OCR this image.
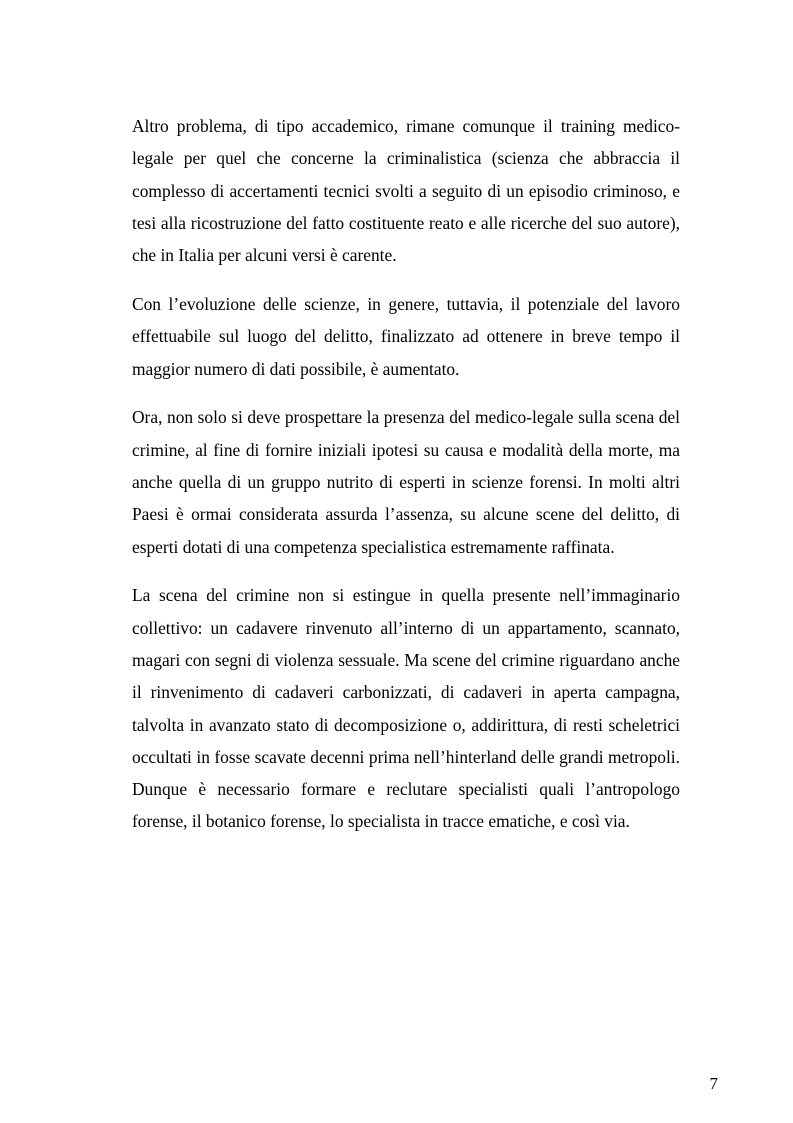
Altro problema, di tipo accademico, rimane comunque il training medico- legale per quel che concerne la criminalistica (scienza che abbraccia il complesso di accertamenti tecnici svolti a seguito di un episodio criminoso, e tesi alla ricostruzione del fatto costituente reato e alle ricerche del suo autore), che in Italia per alcuni versi è carente.

Con l’evoluzione delle scienze, in genere, tuttavia, il potenziale del lavoro effettuabile sul luogo del delitto, finalizzato ad ottenere in breve tempo il maggior numero di dati possibile, è aumentato.

Ora, non solo si deve prospettare la presenza del medico-legale sulla scena del crimine, al fine di fornire iniziali ipotesi su causa e modalità della morte, ma anche quella di un gruppo nutrito di esperti in scienze forensi. In molti altri Paesi è ormai considerata assurda l’assenza, su alcune scene del delitto, di esperti dotati di una competenza specialistica estremamente raffinata.

La scena del crimine non si estingue in quella presente nell’immaginario collettivo: un cadavere rinvenuto all’interno di un appartamento, scannato, magari con segni di violenza sessuale. Ma scene del crimine riguardano anche il rinvenimento di cadaveri carbonizzati, di cadaveri in aperta campagna, talvolta in avanzato stato di decomposizione o, addirittura, di resti scheletrici occultati in fosse scavate decenni prima nell’hinterland delle grandi metropoli. Dunque è necessario formare e reclutare specialisti quali l’antropologo forense, il botanico forense, lo specialista in tracce ematiche, e così via.

7
